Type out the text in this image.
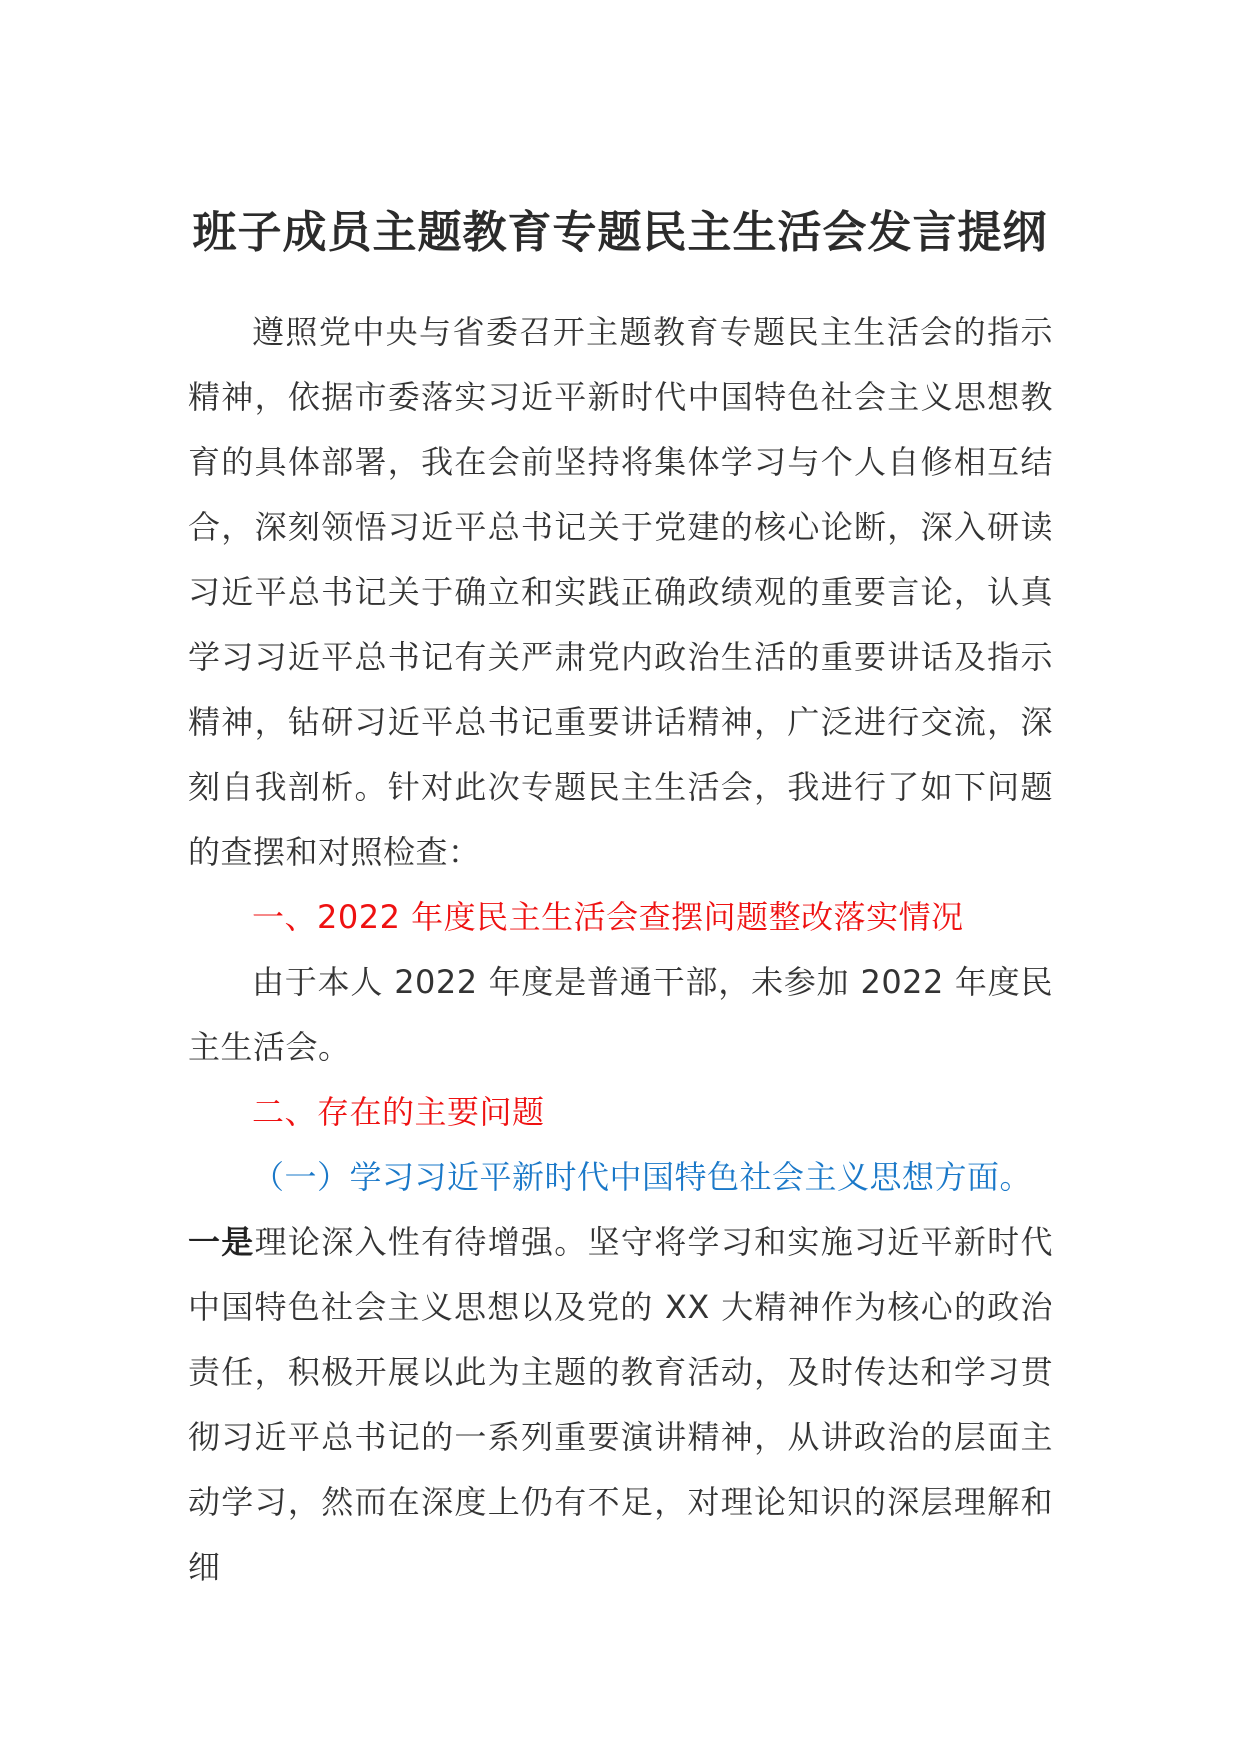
班子成员主题教育专题民主生活会发言提纲

遵照党中央与省委召开主题教育专题民主生活会的指示精神，依据市委落实习近平新时代中国特色社会主义思想教育的具体部署，我在会前坚持将集体学习与个人自修相互结合，深刻领悟习近平总书记关于党建的核心论断，深入研读习近平总书记关于确立和实践正确政绩观的重要言论，认真学习习近平总书记有关严肃党内政治生活的重要讲话及指示精神，钻研习近平总书记重要讲话精神，广泛进行交流，深刻自我剖析。针对此次专题民主生活会，我进行了如下问题的查摆和对照检查：

一、2022 年度民主生活会查摆问题整改落实情况

由于本人 2022 年度是普通干部，未参加 2022 年度民主生活会。

二、存在的主要问题

（一）学习习近平新时代中国特色社会主义思想方面。

一是理论深入性有待增强。坚守将学习和实施习近平新时代中国特色社会主义思想以及党的 XX 大精神作为核心的政治责任，积极开展以此为主题的教育活动，及时传达和学习贯彻习近平总书记的一系列重要演讲精神，从讲政治的层面主动学习，然而在深度上仍有不足，对理论知识的深层理解和细
